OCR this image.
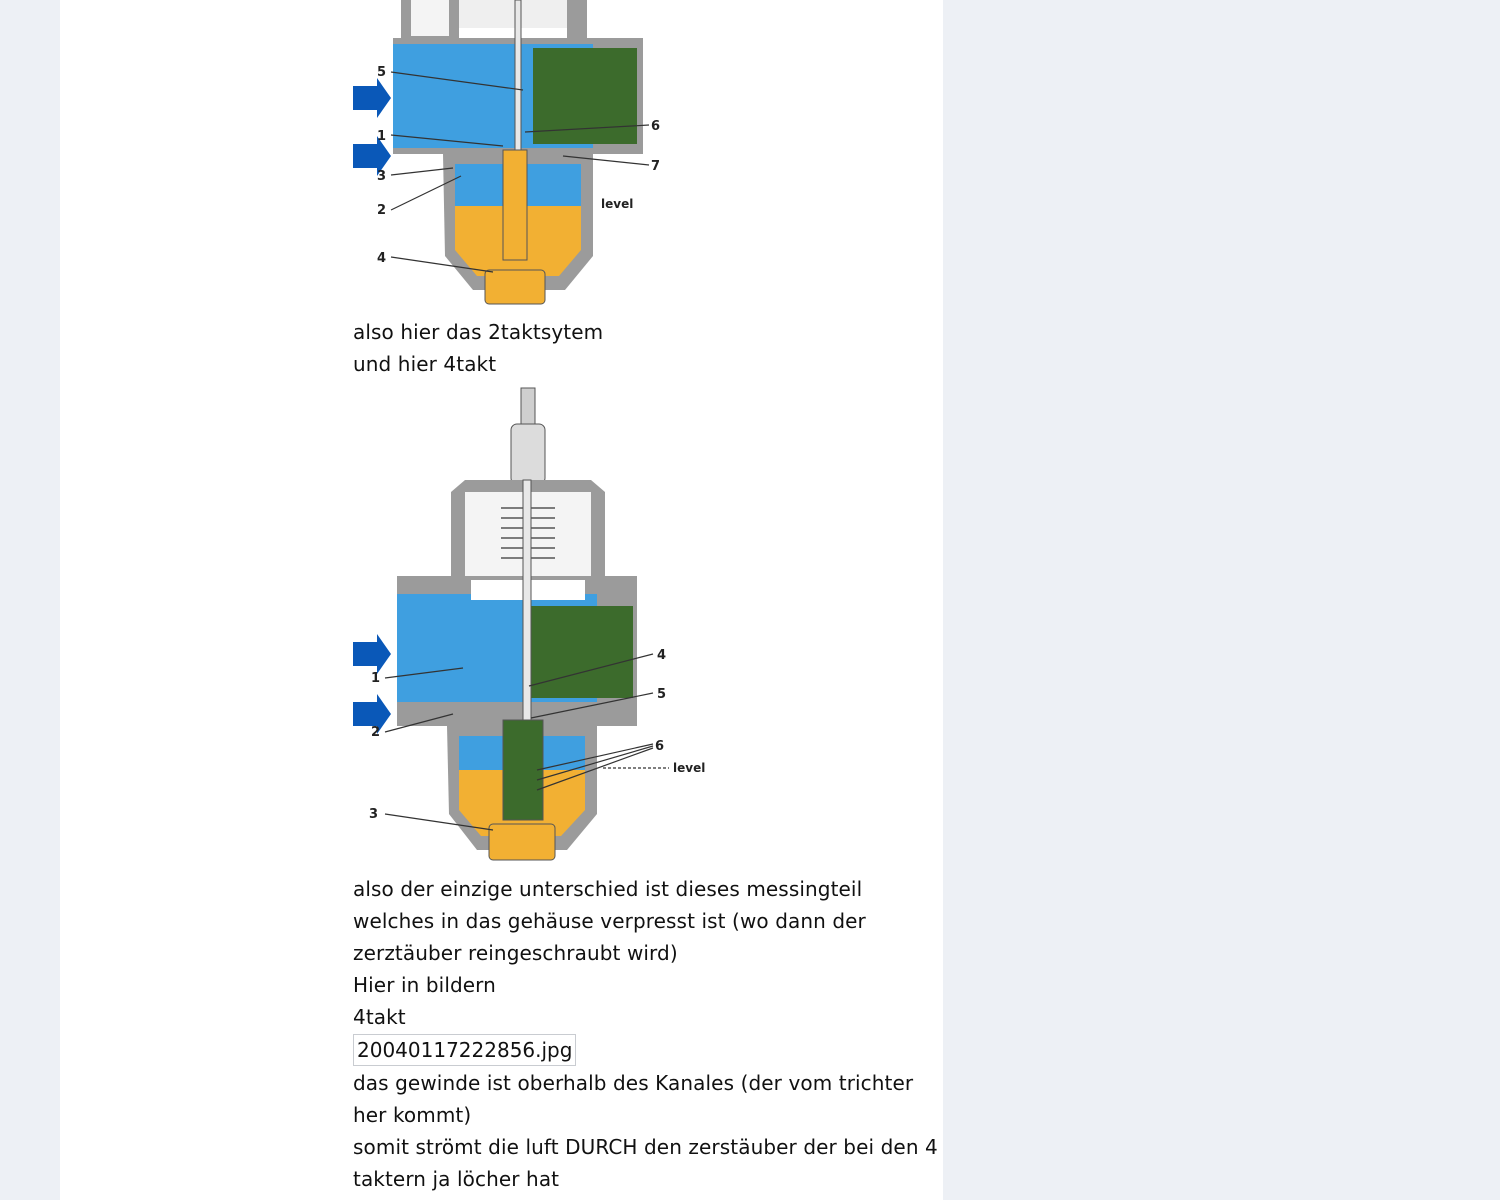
5
1
3
2
4
6
7
level
also hier das 2taktsytem
und hier 4takt
1
2
3
4
5
6
level
also der einzige unterschied ist dieses messingteil
welches in das gehäuse verpresst ist (wo dann der
zerztäuber reingeschraubt wird)
Hier in bildern
4takt
20040117222856.jpg
das gewinde ist oberhalb des Kanales (der vom trichter
her kommt)
somit strömt die luft DURCH den zerstäuber der bei den 4
taktern ja löcher hat
